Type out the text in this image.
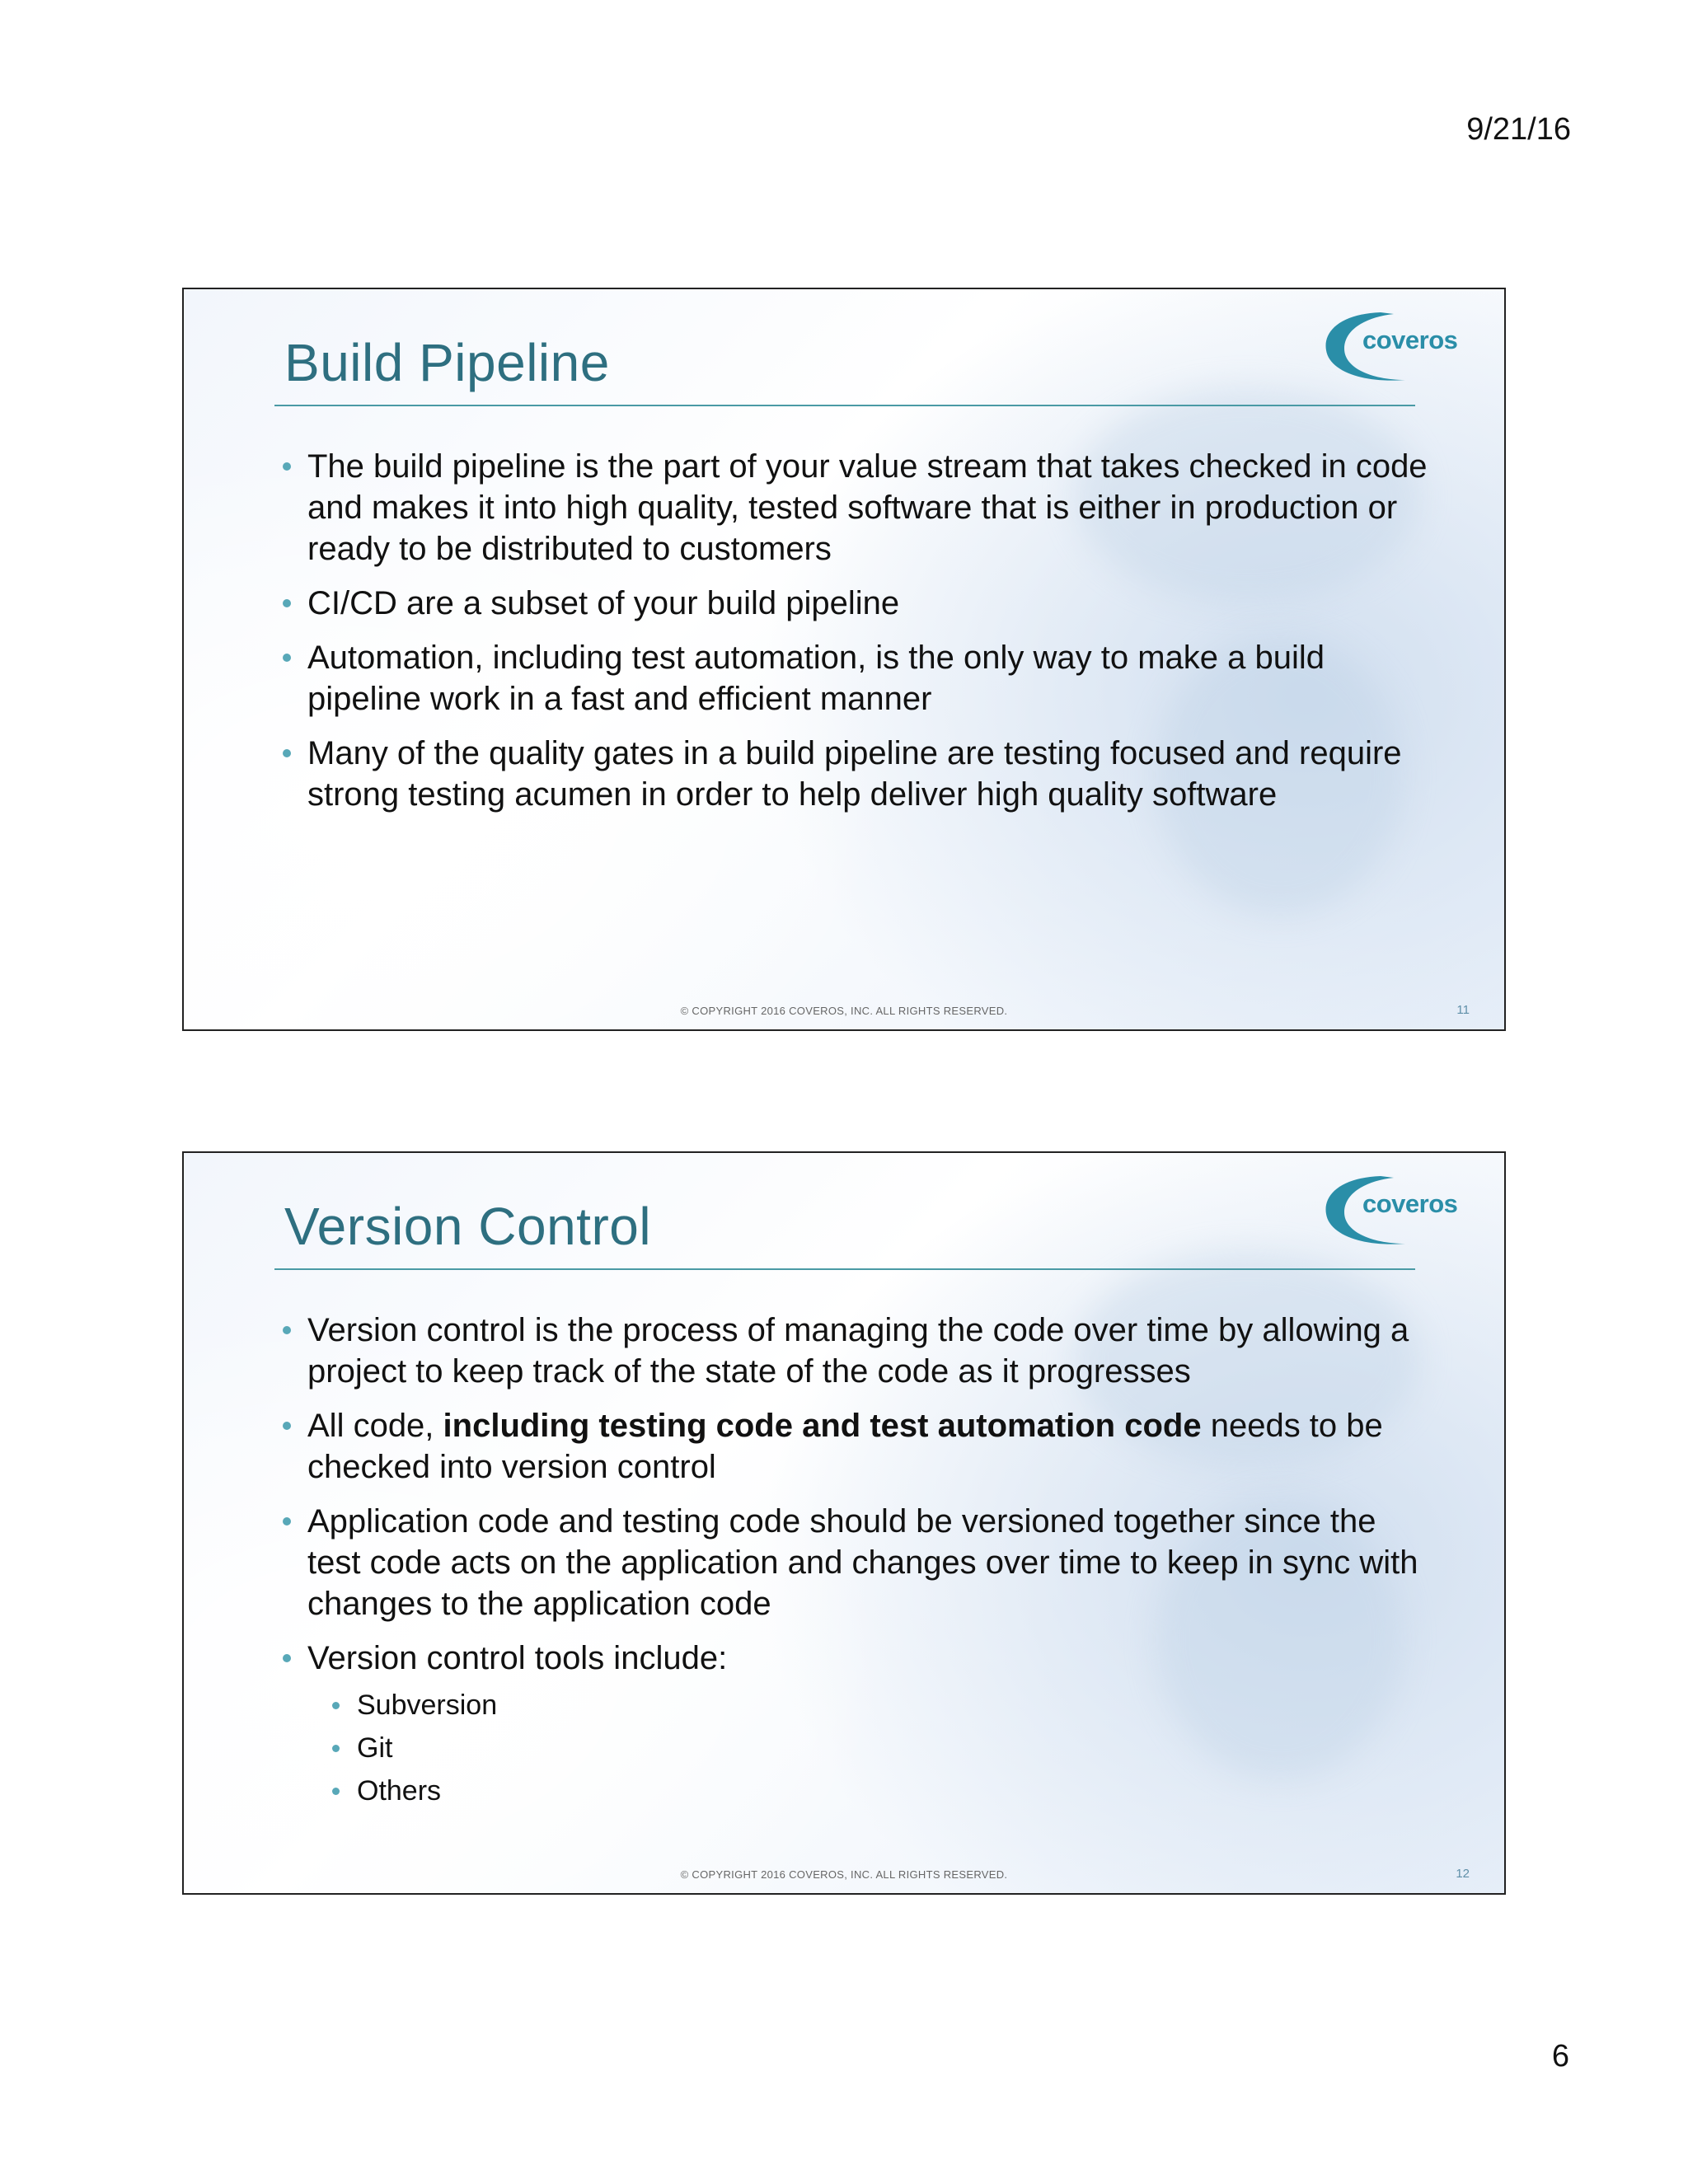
9/21/16
Build Pipeline	coveros
The build pipeline is the part of your value stream that takes checked in code and makes it into high quality, tested software that is either in production or ready to be distributed to customers
CI/CD are a subset of your build pipeline
Automation, including test automation, is the only way to make a build pipeline work in a fast and efficient manner
Many of the quality gates in a build pipeline are testing focused and require strong testing acumen in order to help deliver high quality software
© COPYRIGHT 2016 COVEROS, INC. ALL RIGHTS RESERVED.	11
Version Control	coveros
Version control is the process of managing the code over time by allowing a project to keep track of the state of the code as it progresses
All code, including testing code and test automation code needs to be checked into version control
Application code and testing code should be versioned together since the test code acts on the application and changes over time to keep in sync with changes to the application code
Version control tools include:
Subversion
Git
Others
© COPYRIGHT 2016 COVEROS, INC. ALL RIGHTS RESERVED.	12
6
